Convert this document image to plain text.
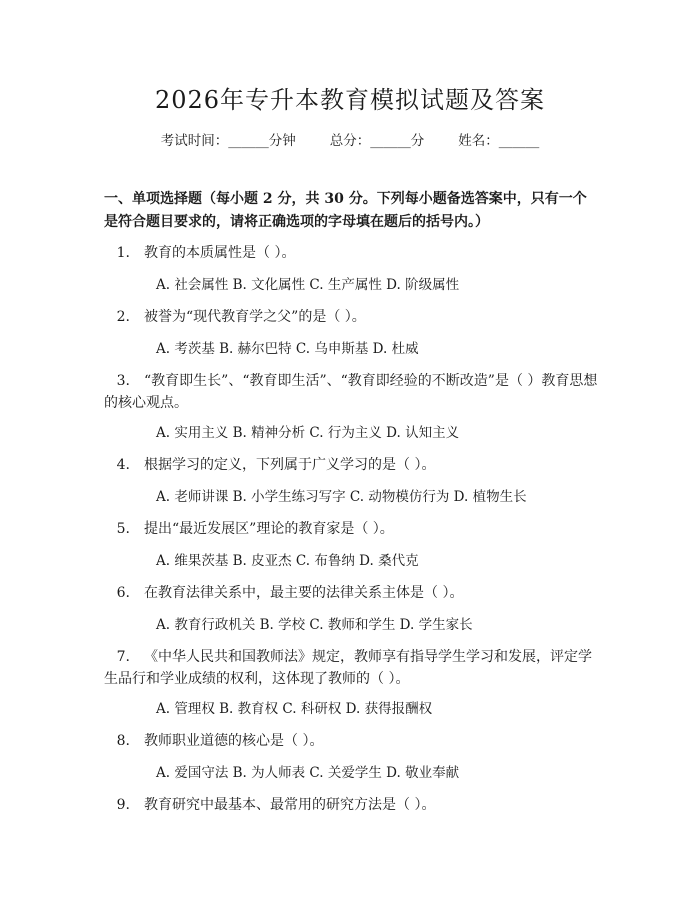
2026年专升本教育模拟试题及答案
考试时间：______分钟	总分：______分	姓名：______

一、单项选择题（每小题 2 分，共 30 分。下列每小题备选答案中，只有一个是符合题目要求的，请将正确选项的字母填在题后的括号内。）

1. 教育的本质属性是（ ）。
A. 社会属性 B. 文化属性 C. 生产属性 D. 阶级属性
2. 被誉为“现代教育学之父”的是（ ）。
A. 考茨基 B. 赫尔巴特 C. 乌申斯基 D. 杜威
3. “教育即生长”、“教育即生活”、“教育即经验的不断改造”是（ ）教育思想的核心观点。
A. 实用主义 B. 精神分析 C. 行为主义 D. 认知主义
4. 根据学习的定义，下列属于广义学习的是（ ）。
A. 老师讲课 B. 小学生练习写字 C. 动物模仿行为 D. 植物生长
5. 提出“最近发展区”理论的教育家是（ ）。
A. 维果茨基 B. 皮亚杰 C. 布鲁纳 D. 桑代克
6. 在教育法律关系中，最主要的法律关系主体是（ ）。
A. 教育行政机关 B. 学校 C. 教师和学生 D. 学生家长
7. 《中华人民共和国教师法》规定，教师享有指导学生学习和发展，评定学生品行和学业成绩的权利，这体现了教师的（ ）。
A. 管理权 B. 教育权 C. 科研权 D. 获得报酬权
8. 教师职业道德的核心是（ ）。
A. 爱国守法 B. 为人师表 C. 关爱学生 D. 敬业奉献
9. 教育研究中最基本、最常用的研究方法是（ ）。
